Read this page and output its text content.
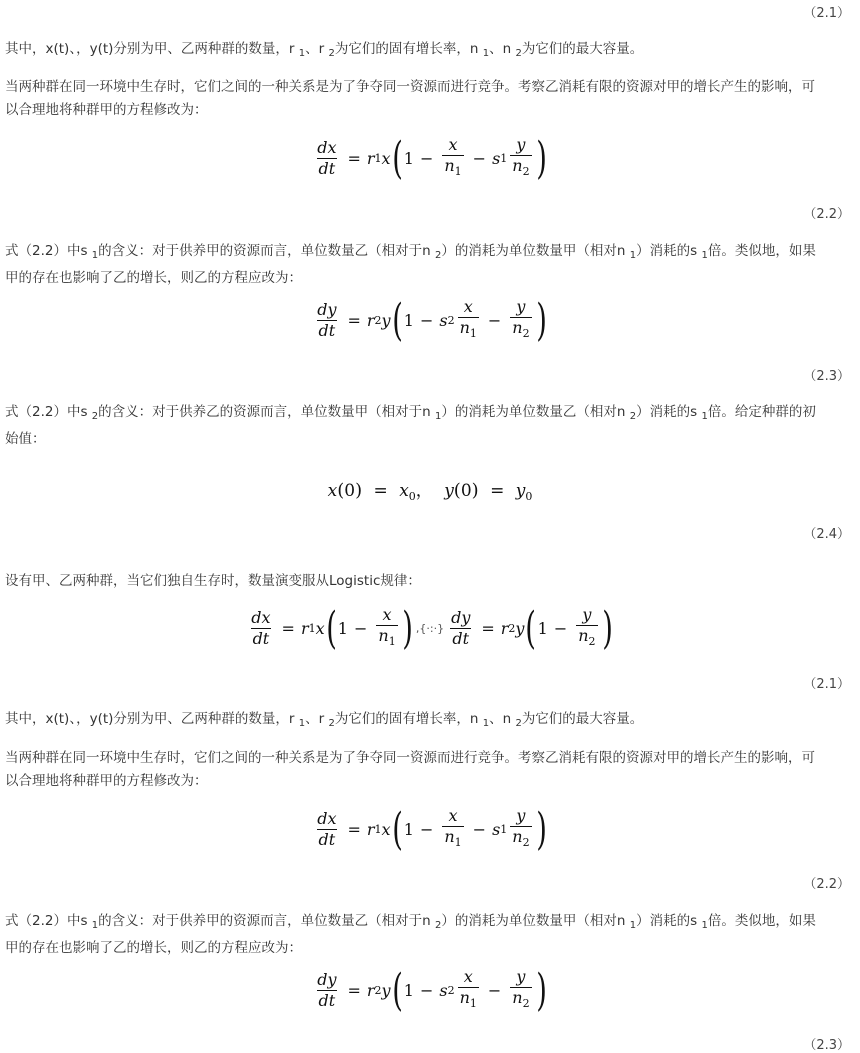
（2.1）
其中，x(t)、，y(t)分别为甲、乙两种群的数量，r $_1$、r $_2$为它们的固有增长率，n $_1$、n $_2$为它们的最大容量。
当两种群在同一环境中生存时，它们之间的一种关系是为了争夺同一资源而进行竞争。考察乙消耗有限的资源对甲的增长产生的影响，可
以合理地将种群甲的方程修改为：
$\frac{dx}{dt} = r$ 1 x ( $1 - \frac{x}{n_1} - s$ $1 \frac{y}{n_2}$ )
（2.2）
式（2.2）中s $_1$的含义：对于供养甲的资源而言，单位数量乙（相对于n $_2$）的消耗为单位数量甲（相对n $_1$）消耗的s $_1$倍。类似地，如果
甲的存在也影响了乙的增长，则乙的方程应改为：
$\frac{dy}{dt} = r$ 2 y ( 1 − s $2 \frac{x}{n_1} - \frac{y}{n_2}$ )
（2.3）
式（2.2）中s $_2$的含义：对于供养乙的资源而言，单位数量甲（相对于n $_1$）的消耗为单位数量乙（相对n $_2$）消耗的s $_1$倍。给定种群的初
始值：
$x(0) = x_0$， $y(0) = y_0$
（2.4）
设有甲、乙两种群，当它们独自生存时，数量演变服从Logistic规律：
$\frac{dx}{dt} = r$ 1 x ( $1 - \frac{x}{n_1}$ ) ,{·:·} $\frac{dy}{dt} = r$ 2 y ( $1 - \frac{y}{n_2}$ )
（2.1）
其中，x(t)、，y(t)分别为甲、乙两种群的数量，r $_1$、r $_2$为它们的固有增长率，n $_1$、n $_2$为它们的最大容量。
当两种群在同一环境中生存时，它们之间的一种关系是为了争夺同一资源而进行竞争。考察乙消耗有限的资源对甲的增长产生的影响，可
以合理地将种群甲的方程修改为：
$\frac{dx}{dt} = r$ 1 x ( $1 - \frac{x}{n_1} - s$ $1 \frac{y}{n_2}$ )
（2.2）
式（2.2）中s $_1$的含义：对于供养甲的资源而言，单位数量乙（相对于n $_2$）的消耗为单位数量甲（相对n $_1$）消耗的s $_1$倍。类似地，如果
甲的存在也影响了乙的增长，则乙的方程应改为：
$\frac{dy}{dt} = r$ 2 y ( 1 − s $2 \frac{x}{n_1} - \frac{y}{n_2}$ )
（2.3）
